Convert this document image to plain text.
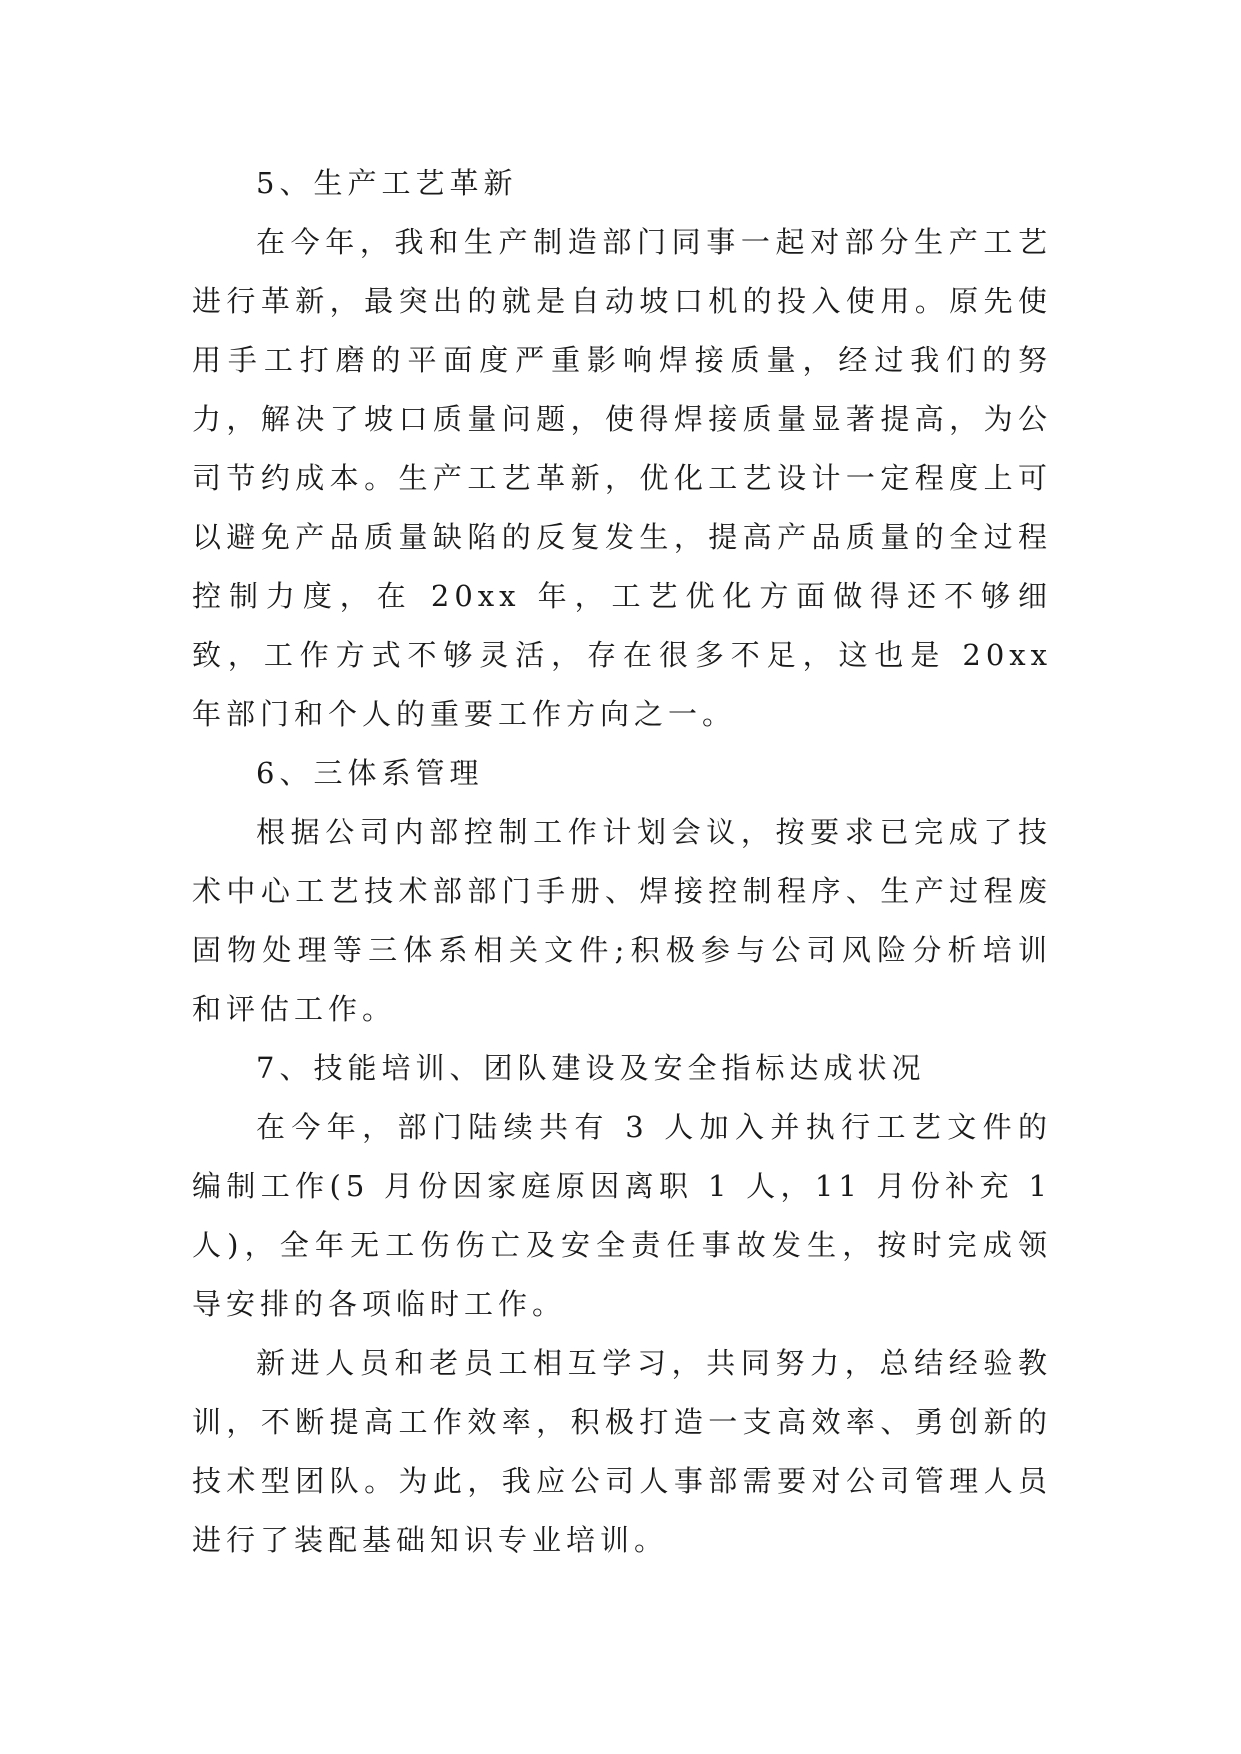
5、生产工艺革新

在今年，我和生产制造部门同事一起对部分生产工艺进行革新，最突出的就是自动坡口机的投入使用。原先使用手工打磨的平面度严重影响焊接质量，经过我们的努力，解决了坡口质量问题，使得焊接质量显著提高，为公司节约成本。生产工艺革新，优化工艺设计一定程度上可以避免产品质量缺陷的反复发生，提高产品质量的全过程控制力度，在 20xx 年，工艺优化方面做得还不够细致，工作方式不够灵活，存在很多不足，这也是 20xx 年部门和个人的重要工作方向之一。

6、三体系管理

根据公司内部控制工作计划会议，按要求已完成了技术中心工艺技术部部门手册、焊接控制程序、生产过程废固物处理等三体系相关文件;积极参与公司风险分析培训和评估工作。

7、技能培训、团队建设及安全指标达成状况

在今年，部门陆续共有 3 人加入并执行工艺文件的编制工作(5 月份因家庭原因离职 1 人，11 月份补充 1 人)，全年无工伤伤亡及安全责任事故发生，按时完成领导安排的各项临时工作。

新进人员和老员工相互学习，共同努力，总结经验教训，不断提高工作效率，积极打造一支高效率、勇创新的技术型团队。为此，我应公司人事部需要对公司管理人员进行了装配基础知识专业培训。
